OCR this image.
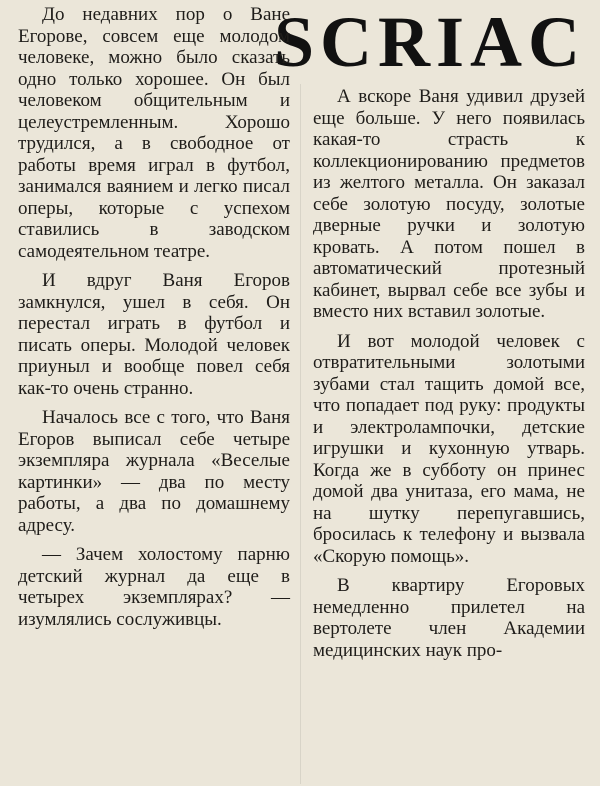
SCRIAC

До недавних пор о Ване Егорове, совсем еще молодом человеке, можно было сказать одно только хорошее. Он был человеком общительным и целеустремленным. Хорошо трудился, а в свободное от работы время играл в футбол, занимался ваянием и легко писал оперы, которые с успехом ставились в заводском самодеятельном театре.

И вдруг Ваня Егоров замкнулся, ушел в себя. Он перестал играть в футбол и писать оперы. Молодой человек приуныл и вообще повел себя как-то очень странно.

Началось все с того, что Ваня Егоров выписал себе четыре экземпляра журнала «Веселые картинки» — два по месту работы, а два по домашнему адресу.

— Зачем холостому парню детский журнал да еще в четырех экземплярах? — изумлялись сослуживцы.

А вскоре Ваня удивил друзей еще больше. У него появилась какая-то страсть к коллекционированию предметов из желтого металла. Он заказал себе золотую посуду, золотые дверные ручки и золотую кровать. А потом пошел в автоматический протезный кабинет, вырвал себе все зубы и вместо них вставил золотые.

И вот молодой человек с отвратительными золотыми зубами стал тащить домой все, что попадает под руку: продукты и электролампочки, детские игрушки и кухонную утварь. Когда же в субботу он принес домой два унитаза, его мама, не на шутку перепугавшись, бросилась к телефону и вызвала «Скорую помощь».

В квартиру Егоровых немедленно прилетел на вертолете член Академии медицинских наук про-
